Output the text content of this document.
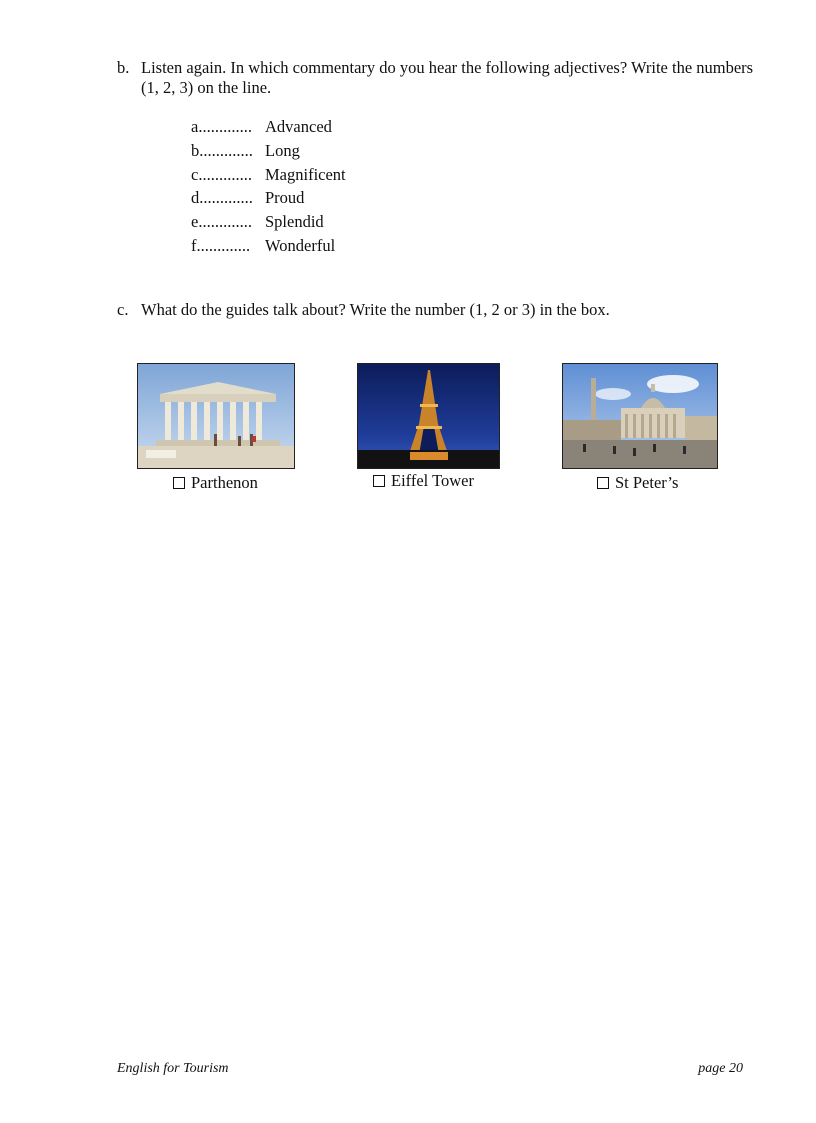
b. Listen again. In which commentary do you hear the following adjectives? Write the numbers (1, 2, 3) on the line.
a............. Advanced
b............. Long
c............. Magnificent
d............. Proud
e............. Splendid
f............. Wonderful
c. What do the guides talk about? Write the number (1, 2 or 3) in the box.
Parthenon	Eiffel Tower	St Peter’s
English for Tourism	page 20
